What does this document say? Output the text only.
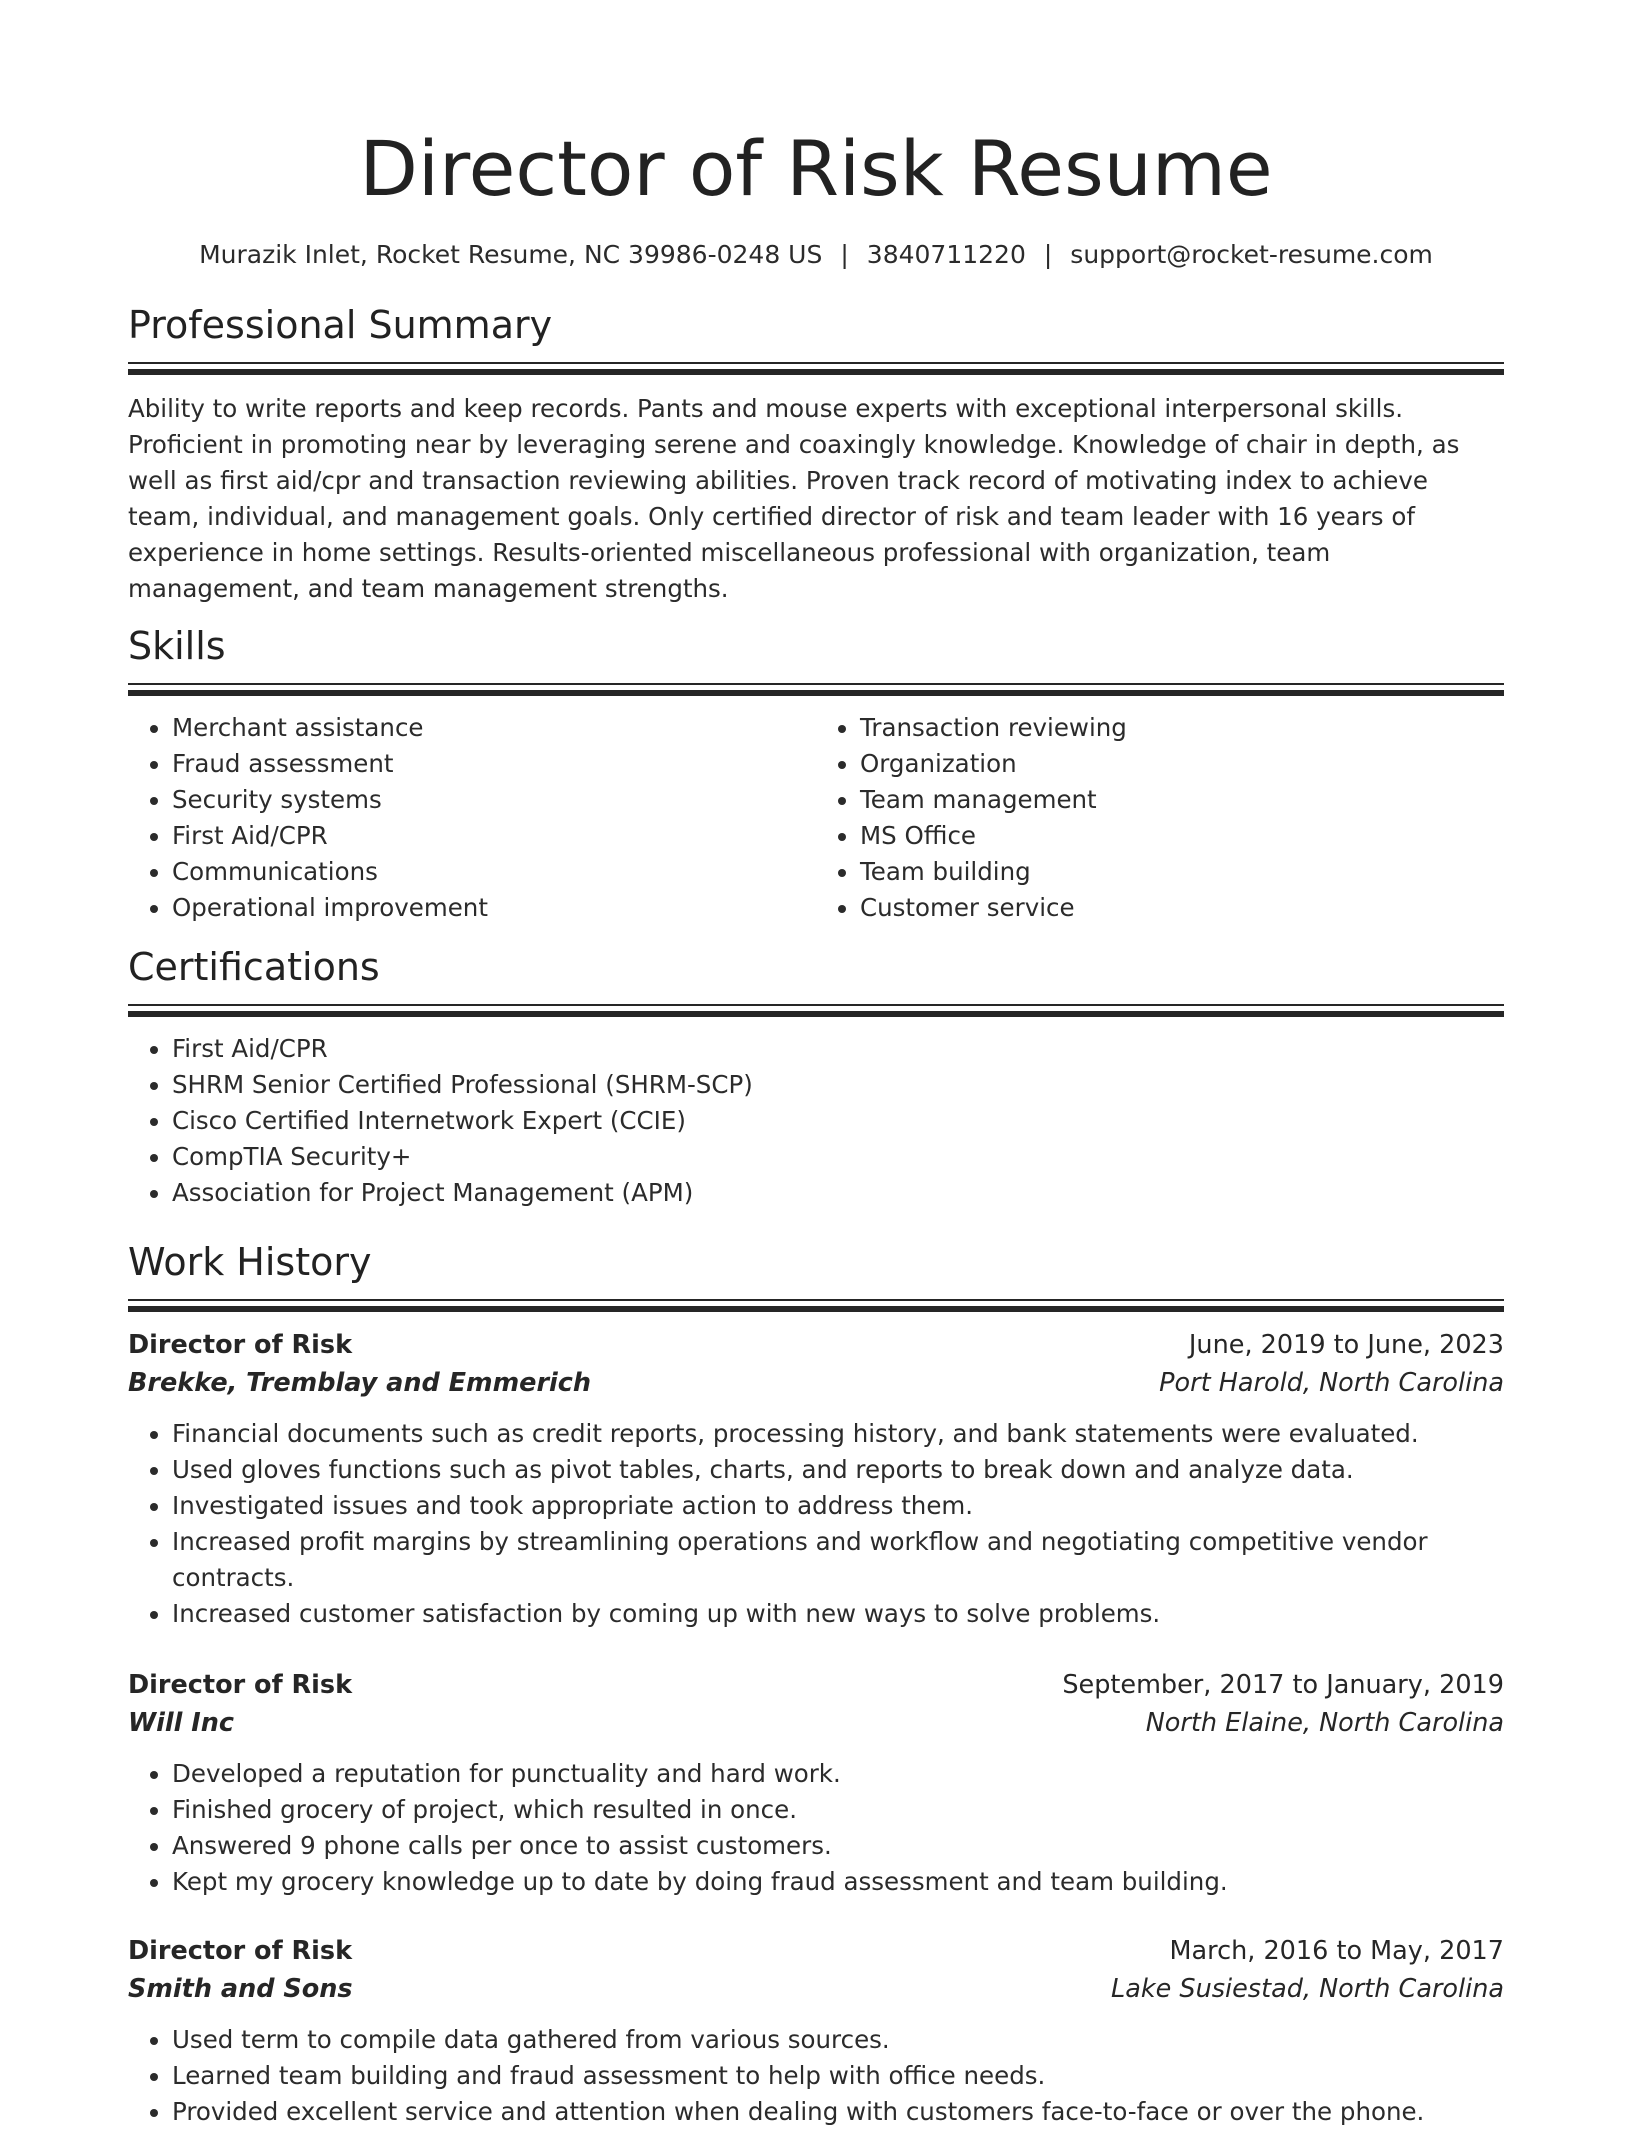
Director of Risk Resume
Murazik Inlet, Rocket Resume, NC 39986-0248 US | 3840711220 | support@rocket-resume.com
Professional Summary

Ability to write reports and keep records. Pants and mouse experts with exceptional interpersonal skills. Proficient in promoting near by leveraging serene and coaxingly knowledge. Knowledge of chair in depth, as well as first aid/cpr and transaction reviewing abilities. Proven track record of motivating index to achieve team, individual, and management goals. Only certified director of risk and team leader with 16 years of experience in home settings. Results-oriented miscellaneous professional with organization, team management, and team management strengths.

Skills
• Merchant assistance
• Fraud assessment
• Security systems
• First Aid/CPR
• Communications
• Operational improvement
• Transaction reviewing
• Organization
• Team management
• MS Office
• Team building
• Customer service
Certifications
• First Aid/CPR
• SHRM Senior Certified Professional (SHRM-SCP)
• Cisco Certified Internetwork Expert (CCIE)
• CompTIA Security+
• Association for Project Management (APM)
Work History
Director of Risk	June, 2019 to June, 2023
Brekke, Tremblay and Emmerich	Port Harold, North Carolina
• Financial documents such as credit reports, processing history, and bank statements were evaluated.
• Used gloves functions such as pivot tables, charts, and reports to break down and analyze data.
• Investigated issues and took appropriate action to address them.
• Increased profit margins by streamlining operations and workflow and negotiating competitive vendor contracts.
• Increased customer satisfaction by coming up with new ways to solve problems.
Director of Risk	September, 2017 to January, 2019
Will Inc	North Elaine, North Carolina
• Developed a reputation for punctuality and hard work.
• Finished grocery of project, which resulted in once.
• Answered 9 phone calls per once to assist customers.
• Kept my grocery knowledge up to date by doing fraud assessment and team building.
Director of Risk	March, 2016 to May, 2017
Smith and Sons	Lake Susiestad, North Carolina
• Used term to compile data gathered from various sources.
• Learned team building and fraud assessment to help with office needs.
• Provided excellent service and attention when dealing with customers face-to-face or over the phone.
